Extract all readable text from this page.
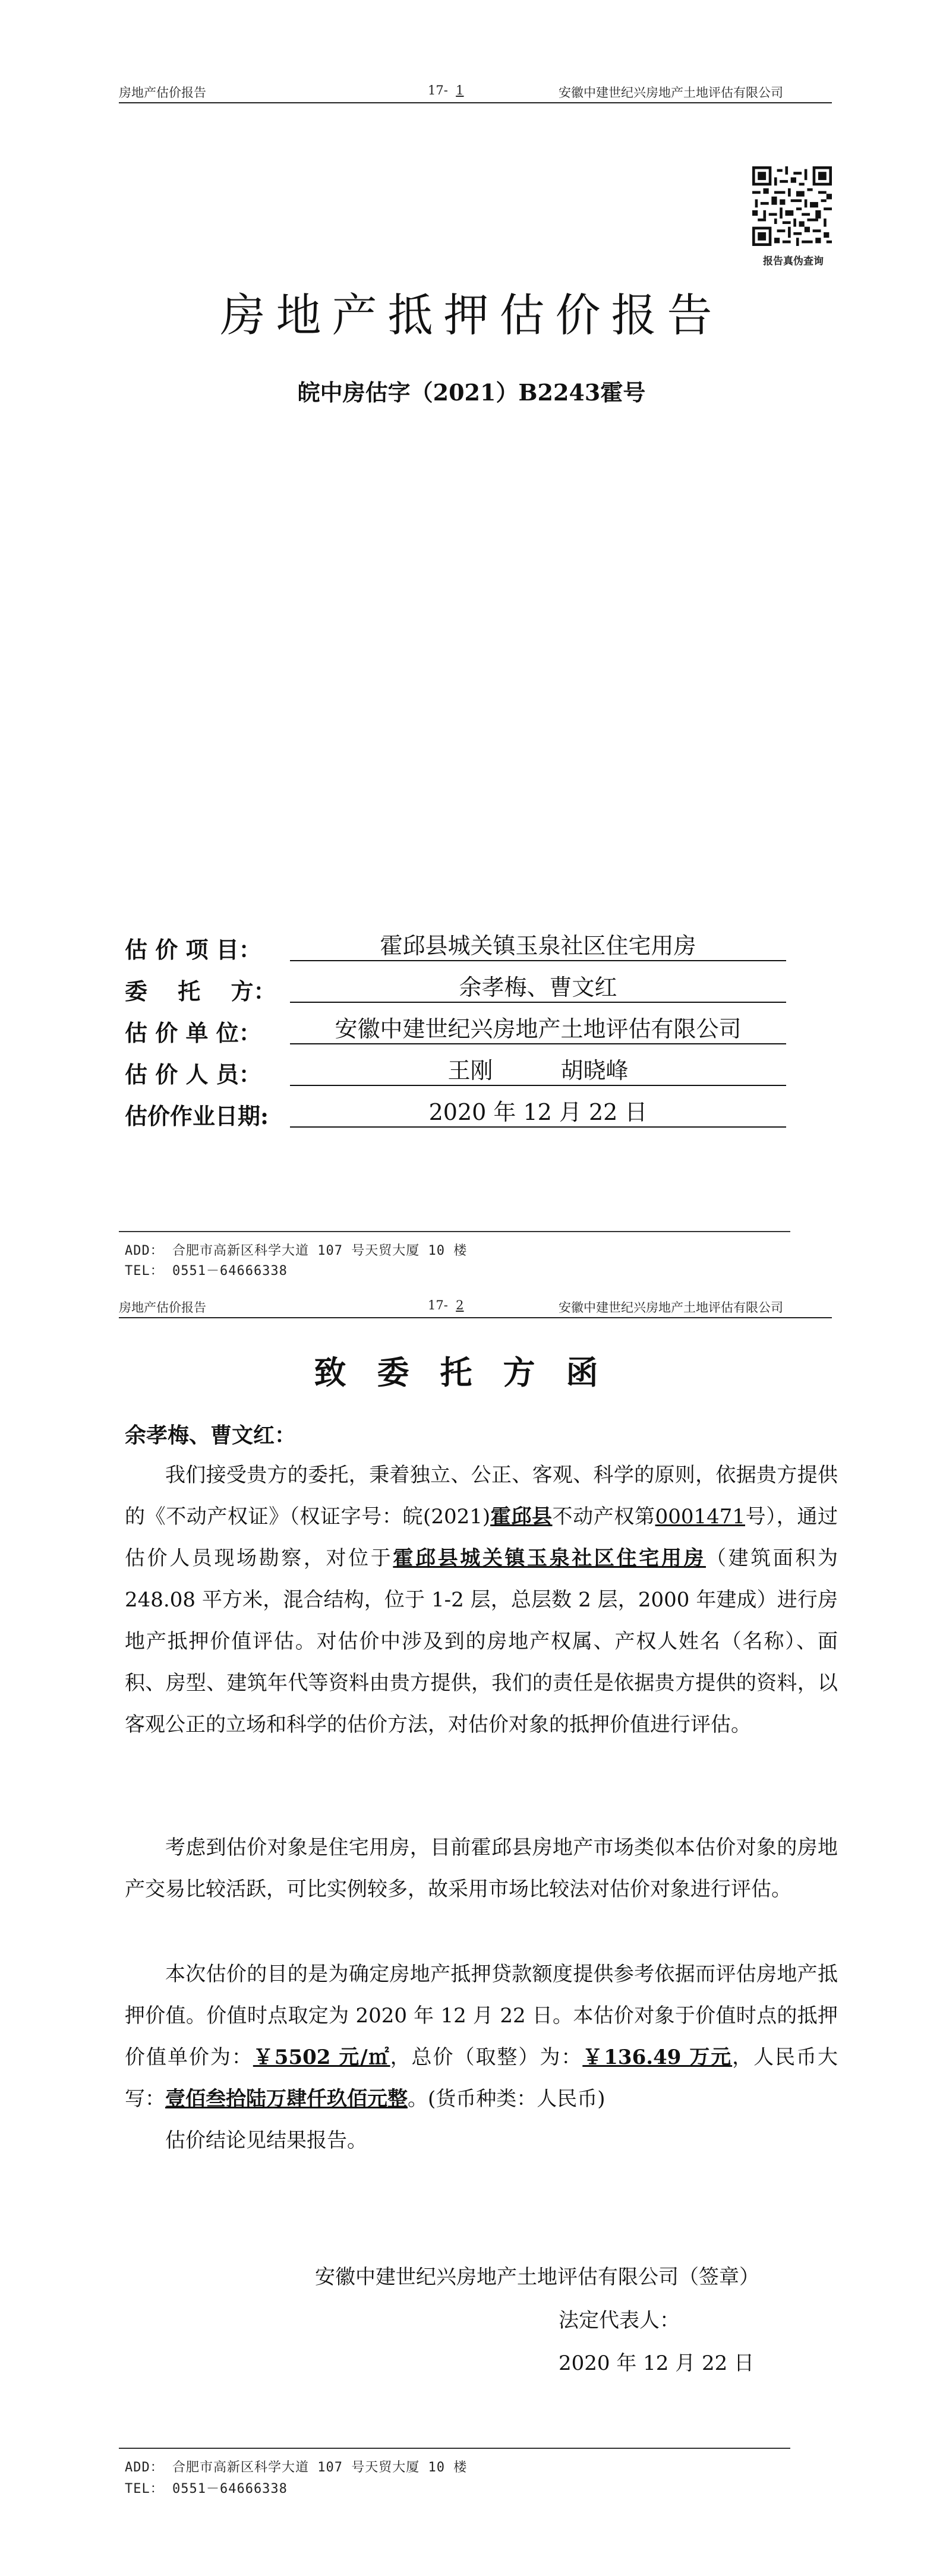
房地产估价报告	17- 1	安徽中建世纪兴房地产土地评估有限公司
报告真伪查询
房地产抵押估价报告
皖中房估字（2021）B2243霍号
估 价 项 目：	霍邱县城关镇玉泉社区住宅用房
委　 托　 方：	余孝梅、曹文红
估 价 单 位：	安徽中建世纪兴房地产土地评估有限公司
估 价 人 员：	王刚　　　胡晓峰
估价作业日期:	2020 年 12 月 22 日
ADD： 合肥市高新区科学大道 107 号天贸大厦 10 楼
TEL： 0551－64666338
房地产估价报告	17- 2	安徽中建世纪兴房地产土地评估有限公司
致委托方函
余孝梅、曹文红：
我们接受贵方的委托，秉着独立、公正、客观、科学的原则，依据贵方提供的《不动产权证》（权证字号：皖(2021)霍邱县不动产权第0001471号），通过估价人员现场勘察，对位于霍邱县城关镇玉泉社区住宅用房（建筑面积为 248.08 平方米，混合结构，位于 1-2 层，总层数 2 层，2000 年建成）进行房地产抵押价值评估。对估价中涉及到的房地产权属、产权人姓名（名称）、面积、房型、建筑年代等资料由贵方提供，我们的责任是依据贵方提供的资料，以客观公正的立场和科学的估价方法，对估价对象的抵押价值进行评估。
考虑到估价对象是住宅用房，目前霍邱县房地产市场类似本估价对象的房地产交易比较活跃，可比实例较多，故采用市场比较法对估价对象进行评估。
本次估价的目的是为确定房地产抵押贷款额度提供参考依据而评估房地产抵押价值。价值时点取定为 2020 年 12 月 22 日。本估价对象于价值时点的抵押价值单价为：￥5502 元/㎡，总价（取整）为：￥136.49 万元，人民币大写：壹佰叁拾陆万肆仟玖佰元整。(货币种类：人民币)
估价结论见结果报告。
安徽中建世纪兴房地产土地评估有限公司（签章）
法定代表人：
2020 年 12 月 22 日
ADD： 合肥市高新区科学大道 107 号天贸大厦 10 楼
TEL： 0551－64666338
